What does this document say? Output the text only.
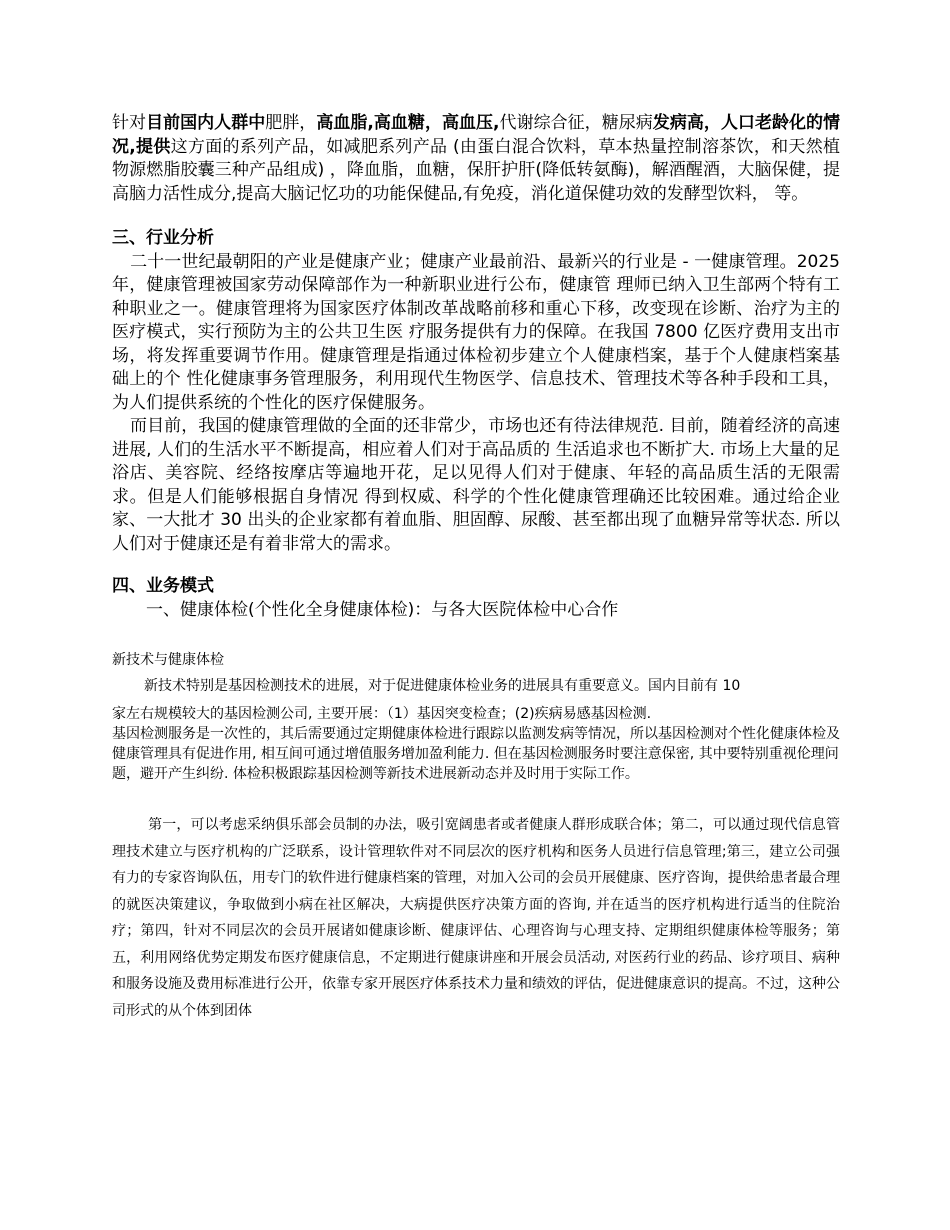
针对目前国内人群中肥胖，高血脂,高血糖，高血压,代谢综合征，糖尿病发病高，人口老龄化的情况,提供这方面的系列产品，如减肥系列产品 (由蛋白混合饮料，草本热量控制溶茶饮，和天然植物源燃脂胶囊三种产品组成) ，降血脂，血糖，保肝护肝(降低转氨酶)，解酒醒酒，大脑保健，提高脑力活性成分,提高大脑记忆功的功能保健品,有免疫，消化道保健功效的发酵型饮料， 等。

三、行业分析

二十一世纪最朝阳的产业是健康产业；健康产业最前沿、最新兴的行业是 - 一健康管理。2025 年，健康管理被国家劳动保障部作为一种新职业进行公布，健康管 理师已纳入卫生部两个特有工种职业之一。健康管理将为国家医疗体制改革战略前移和重心下移，改变现在诊断、治疗为主的医疗模式，实行预防为主的公共卫生医 疗服务提供有力的保障。在我国 7800 亿医疗费用支出市场，将发挥重要调节作用。健康管理是指通过体检初步建立个人健康档案，基于个人健康档案基础上的个 性化健康事务管理服务，利用现代生物医学、信息技术、管理技术等各种手段和工具，为人们提供系统的个性化的医疗保健服务。

而目前，我国的健康管理做的全面的还非常少，市场也还有待法律规范. 目前，随着经济的高速进展, 人们的生活水平不断提高，相应着人们对于高品质的 生活追求也不断扩大. 市场上大量的足浴店、美容院、经络按摩店等遍地开花，足以见得人们对于健康、年轻的高品质生活的无限需求。但是人们能够根据自身情况 得到权威、科学的个性化健康管理确还比较困难。通过给企业家、一大批才 30 出头的企业家都有着血脂、胆固醇、尿酸、甚至都出现了血糖异常等状态. 所以人们对于健康还是有着非常大的需求。

四、业务模式

一、健康体检(个性化全身健康体检)：与各大医院体检中心合作

新技术与健康体检

新技术特别是基因检测技术的进展，对于促进健康体检业务的进展具有重要意义。国内目前有 10

家左右规模较大的基因检测公司, 主要开展：（1）基因突变检查；(2)疾病易感基因检测.

基因检测服务是一次性的，其后需要通过定期健康体检进行跟踪以监测发病等情况，所以基因检测对个性化健康体检及健康管理具有促进作用, 相互间可通过增值服务增加盈利能力. 但在基因检测服务时要注意保密, 其中要特别重视伦理问题，避开产生纠纷. 体检积极跟踪基因检测等新技术进展新动态并及时用于实际工作。

第一，可以考虑采纳俱乐部会员制的办法，吸引宽阔患者或者健康人群形成联合体；第二，可以通过现代信息管理技术建立与医疗机构的广泛联系，设计管理软件对不同层次的医疗机构和医务人员进行信息管理;第三，建立公司强有力的专家咨询队伍，用专门的软件进行健康档案的管理，对加入公司的会员开展健康、医疗咨询，提供给患者最合理的就医决策建议，争取做到小病在社区解决，大病提供医疗决策方面的咨询, 并在适当的医疗机构进行适当的住院治疗；第四，针对不同层次的会员开展诸如健康诊断、健康评估、心理咨询与心理支持、定期组织健康体检等服务；第五，利用网络优势定期发布医疗健康信息，不定期进行健康讲座和开展会员活动, 对医药行业的药品、诊疗项目、病种和服务设施及费用标准进行公开，依靠专家开展医疗体系技术力量和绩效的评估，促进健康意识的提高。不过，这种公司形式的从个体到团体
